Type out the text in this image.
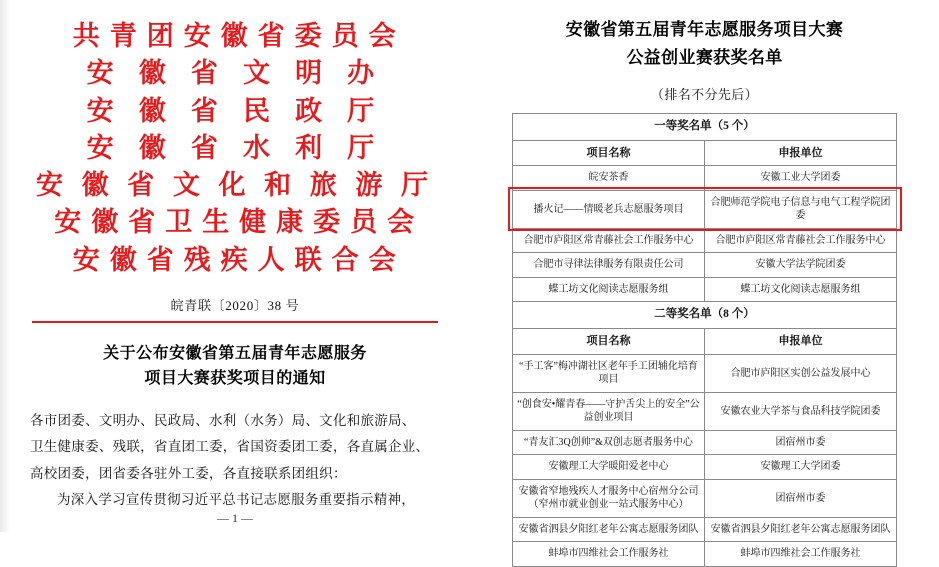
共 青 团 安 徽 省 委 员 会
安 徽 省 文 明 办
安 徽 省 民 政 厅
安 徽 省 水 利 厅
安 徽 省 文 化 和 旅 游 厅
安 徽 省 卫 生 健 康 委 员 会
安 徽 省 残 疾 人 联 合 会
皖青联〔2020〕38 号
关于公布安徽省第五届青年志愿服务
项目大赛获奖项目的通知

各市团委、文明办、民政局、水利（水务）局、文化和旅游局、

卫生健康委、残联，省直团工委，省国资委团工委，各直属企业、

高校团委，团省委各驻外工委，各直接联系团组织：

为深入学习宣传贯彻习近平总书记志愿服务重要指示精神，

— 1 —
安徽省第五届青年志愿服务项目大赛
公益创业赛获奖名单
（排名不分先后）
一等奖名单（5 个）	
项目名称	申报单位
皖安茶香	安徽工业大学团委
播火记——情暖老兵志愿服务项目	合肥师范学院电子信息与电气工程学院团委
合肥市庐阳区常青藤社会工作服务中心	合肥市庐阳区常青藤社会工作服务中心
合肥市寻律法律服务有限责任公司	安徽大学法学院团委
蝶工坊文化阅读志愿服务组	蝶工坊文化阅读志愿服务组
二等奖名单（8 个）	
项目名称	申报单位
“手工客”梅冲湖社区老年手工团辅化培育项目	合肥市庐阳区实创公益发展中心
“创食安•耀青春——守护舌尖上的安全”公益创业项目	安徽农业大学茶与食品科技学院团委
“青友汇3Q创帅”&双创志愿者服务中心	团宿州市委
安徽理工大学暖阳爱老中心	安徽理工大学团委
安徽省窄地残疾人才服务中心宿州分公司
（窄州市就业创业一站式服务中心）	团宿州市委
安徽省泗县夕阳红老年公寓志愿服务团队	安徽省泗县夕阳红老年公寓志愿服务团队
蚌埠市四维社会工作服务社	蚌埠市四维社会工作服务社
